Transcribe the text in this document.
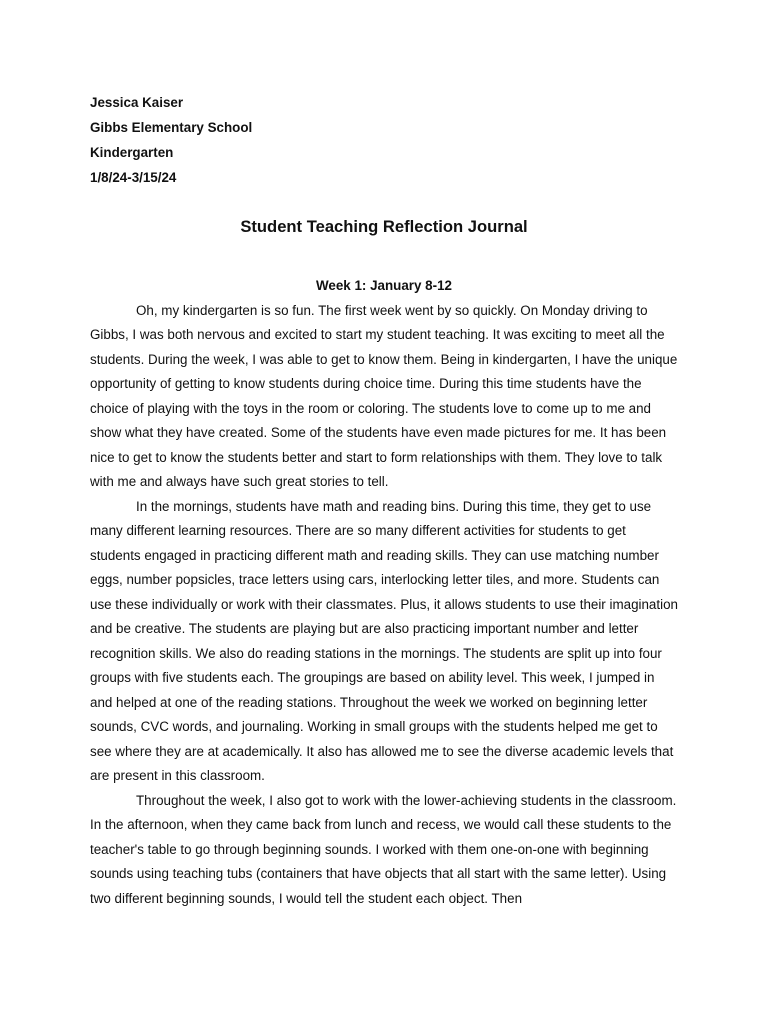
Jessica Kaiser
Gibbs Elementary School
Kindergarten
1/8/24-3/15/24
Student Teaching Reflection Journal

Week 1: January 8-12

Oh, my kindergarten is so fun. The first week went by so quickly. On Monday driving to Gibbs, I was both nervous and excited to start my student teaching. It was exciting to meet all the students. During the week, I was able to get to know them. Being in kindergarten, I have the unique opportunity of getting to know students during choice time. During this time students have the choice of playing with the toys in the room or coloring. The students love to come up to me and show what they have created. Some of the students have even made pictures for me. It has been nice to get to know the students better and start to form relationships with them. They love to talk with me and always have such great stories to tell.

In the mornings, students have math and reading bins. During this time, they get to use many different learning resources. There are so many different activities for students to get students engaged in practicing different math and reading skills. They can use matching number eggs, number popsicles, trace letters using cars, interlocking letter tiles, and more. Students can use these individually or work with their classmates. Plus, it allows students to use their imagination and be creative. The students are playing but are also practicing important number and letter recognition skills. We also do reading stations in the mornings. The students are split up into four groups with five students each. The groupings are based on ability level. This week, I jumped in and helped at one of the reading stations. Throughout the week we worked on beginning letter sounds, CVC words, and journaling. Working in small groups with the students helped me get to see where they are at academically. It also has allowed me to see the diverse academic levels that are present in this classroom.

Throughout the week, I also got to work with the lower-achieving students in the classroom. In the afternoon, when they came back from lunch and recess, we would call these students to the teacher's table to go through beginning sounds. I worked with them one-on-one with beginning sounds using teaching tubs (containers that have objects that all start with the same letter). Using two different beginning sounds, I would tell the student each object. Then
